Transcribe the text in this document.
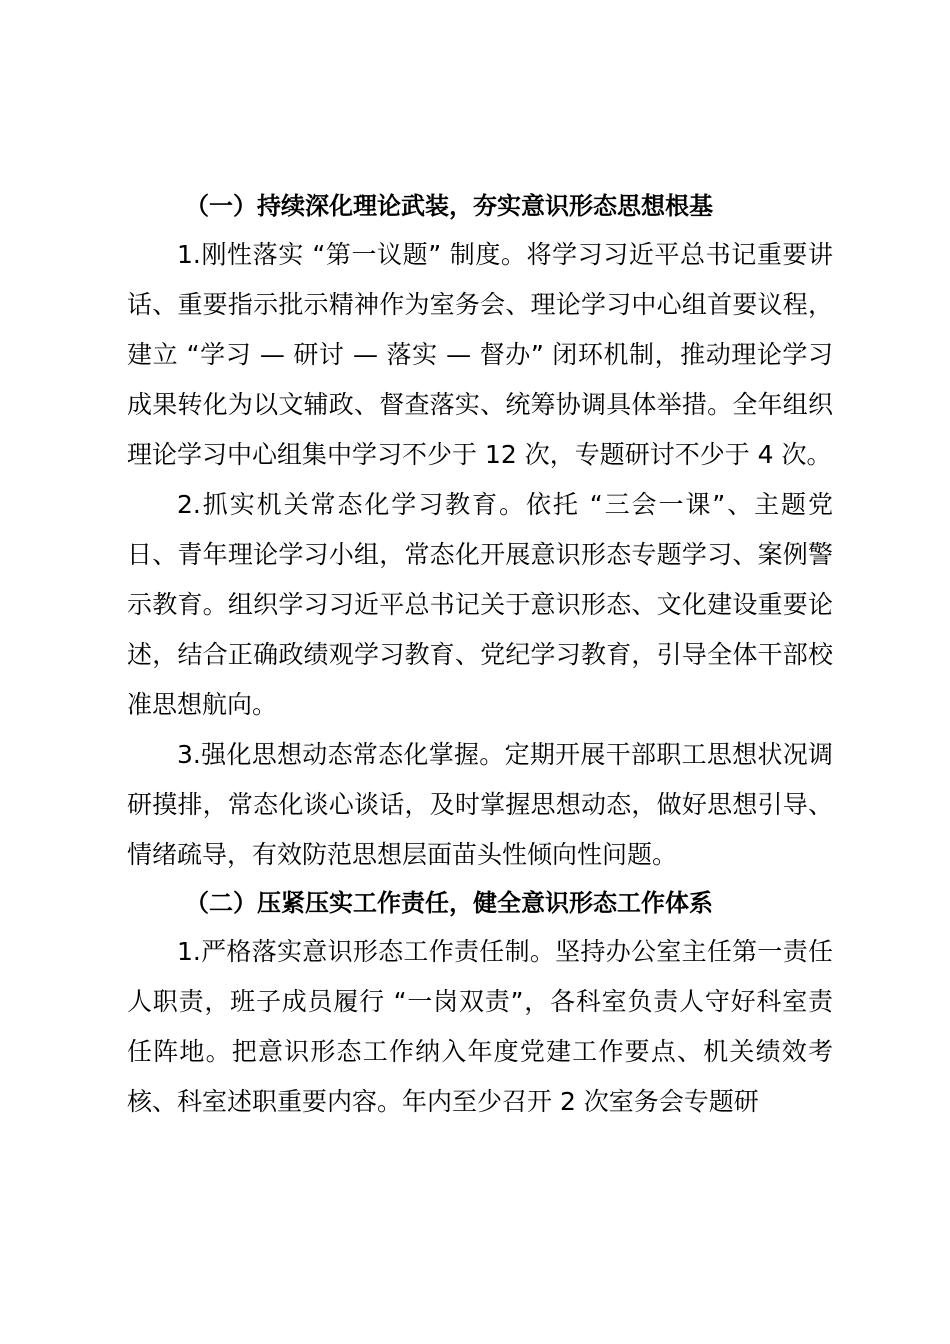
（一）持续深化理论武装，夯实意识形态思想根基

1.刚性落实 “第一议题” 制度。将学习习近平总书记重要讲话、重要指示批示精神作为室务会、理论学习中心组首要议程，建立 “学习 — 研讨 — 落实 — 督办” 闭环机制，推动理论学习成果转化为以文辅政、督查落实、统筹协调具体举措。全年组织理论学习中心组集中学习不少于 12 次，专题研讨不少于 4 次。

2.抓实机关常态化学习教育。依托 “三会一课”、主题党日、青年理论学习小组，常态化开展意识形态专题学习、案例警示教育。组织学习习近平总书记关于意识形态、文化建设重要论述，结合正确政绩观学习教育、党纪学习教育，引导全体干部校准思想航向。

3.强化思想动态常态化掌握。定期开展干部职工思想状况调研摸排，常态化谈心谈话，及时掌握思想动态，做好思想引导、情绪疏导，有效防范思想层面苗头性倾向性问题。

（二）压紧压实工作责任，健全意识形态工作体系

1.严格落实意识形态工作责任制。坚持办公室主任第一责任人职责，班子成员履行 “一岗双责”，各科室负责人守好科室责任阵地。把意识形态工作纳入年度党建工作要点、机关绩效考核、科室述职重要内容。年内至少召开 2 次室务会专题研
